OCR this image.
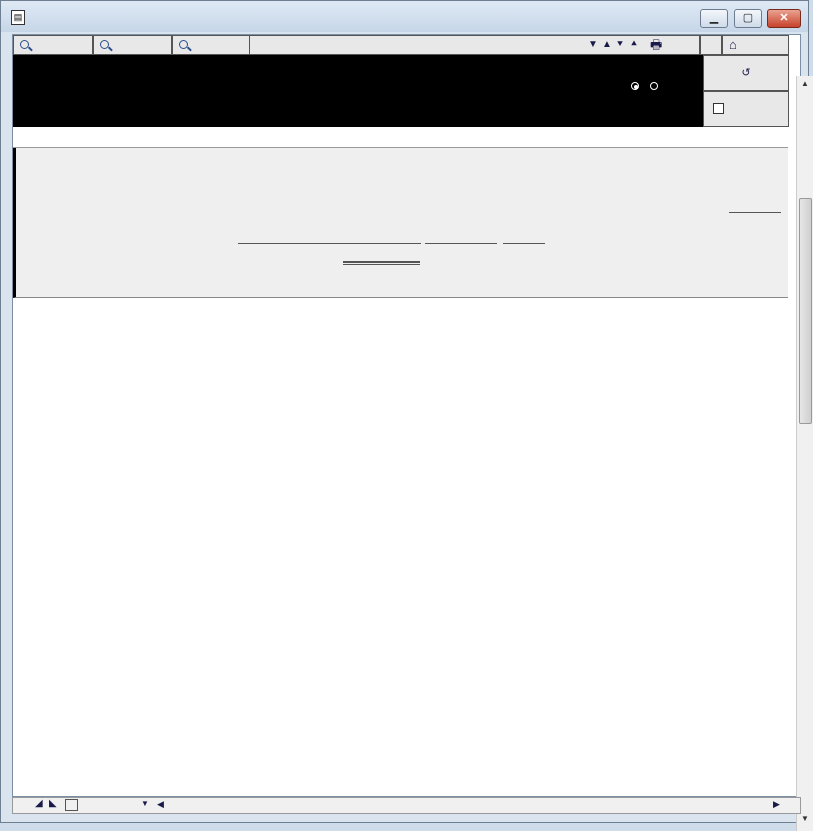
▤	▁	▢	✕
▼ ▲ ⯆ ⯅ 🖶	⌂

↺
▲
▼
◢ ◣	▼ ◀	▶
